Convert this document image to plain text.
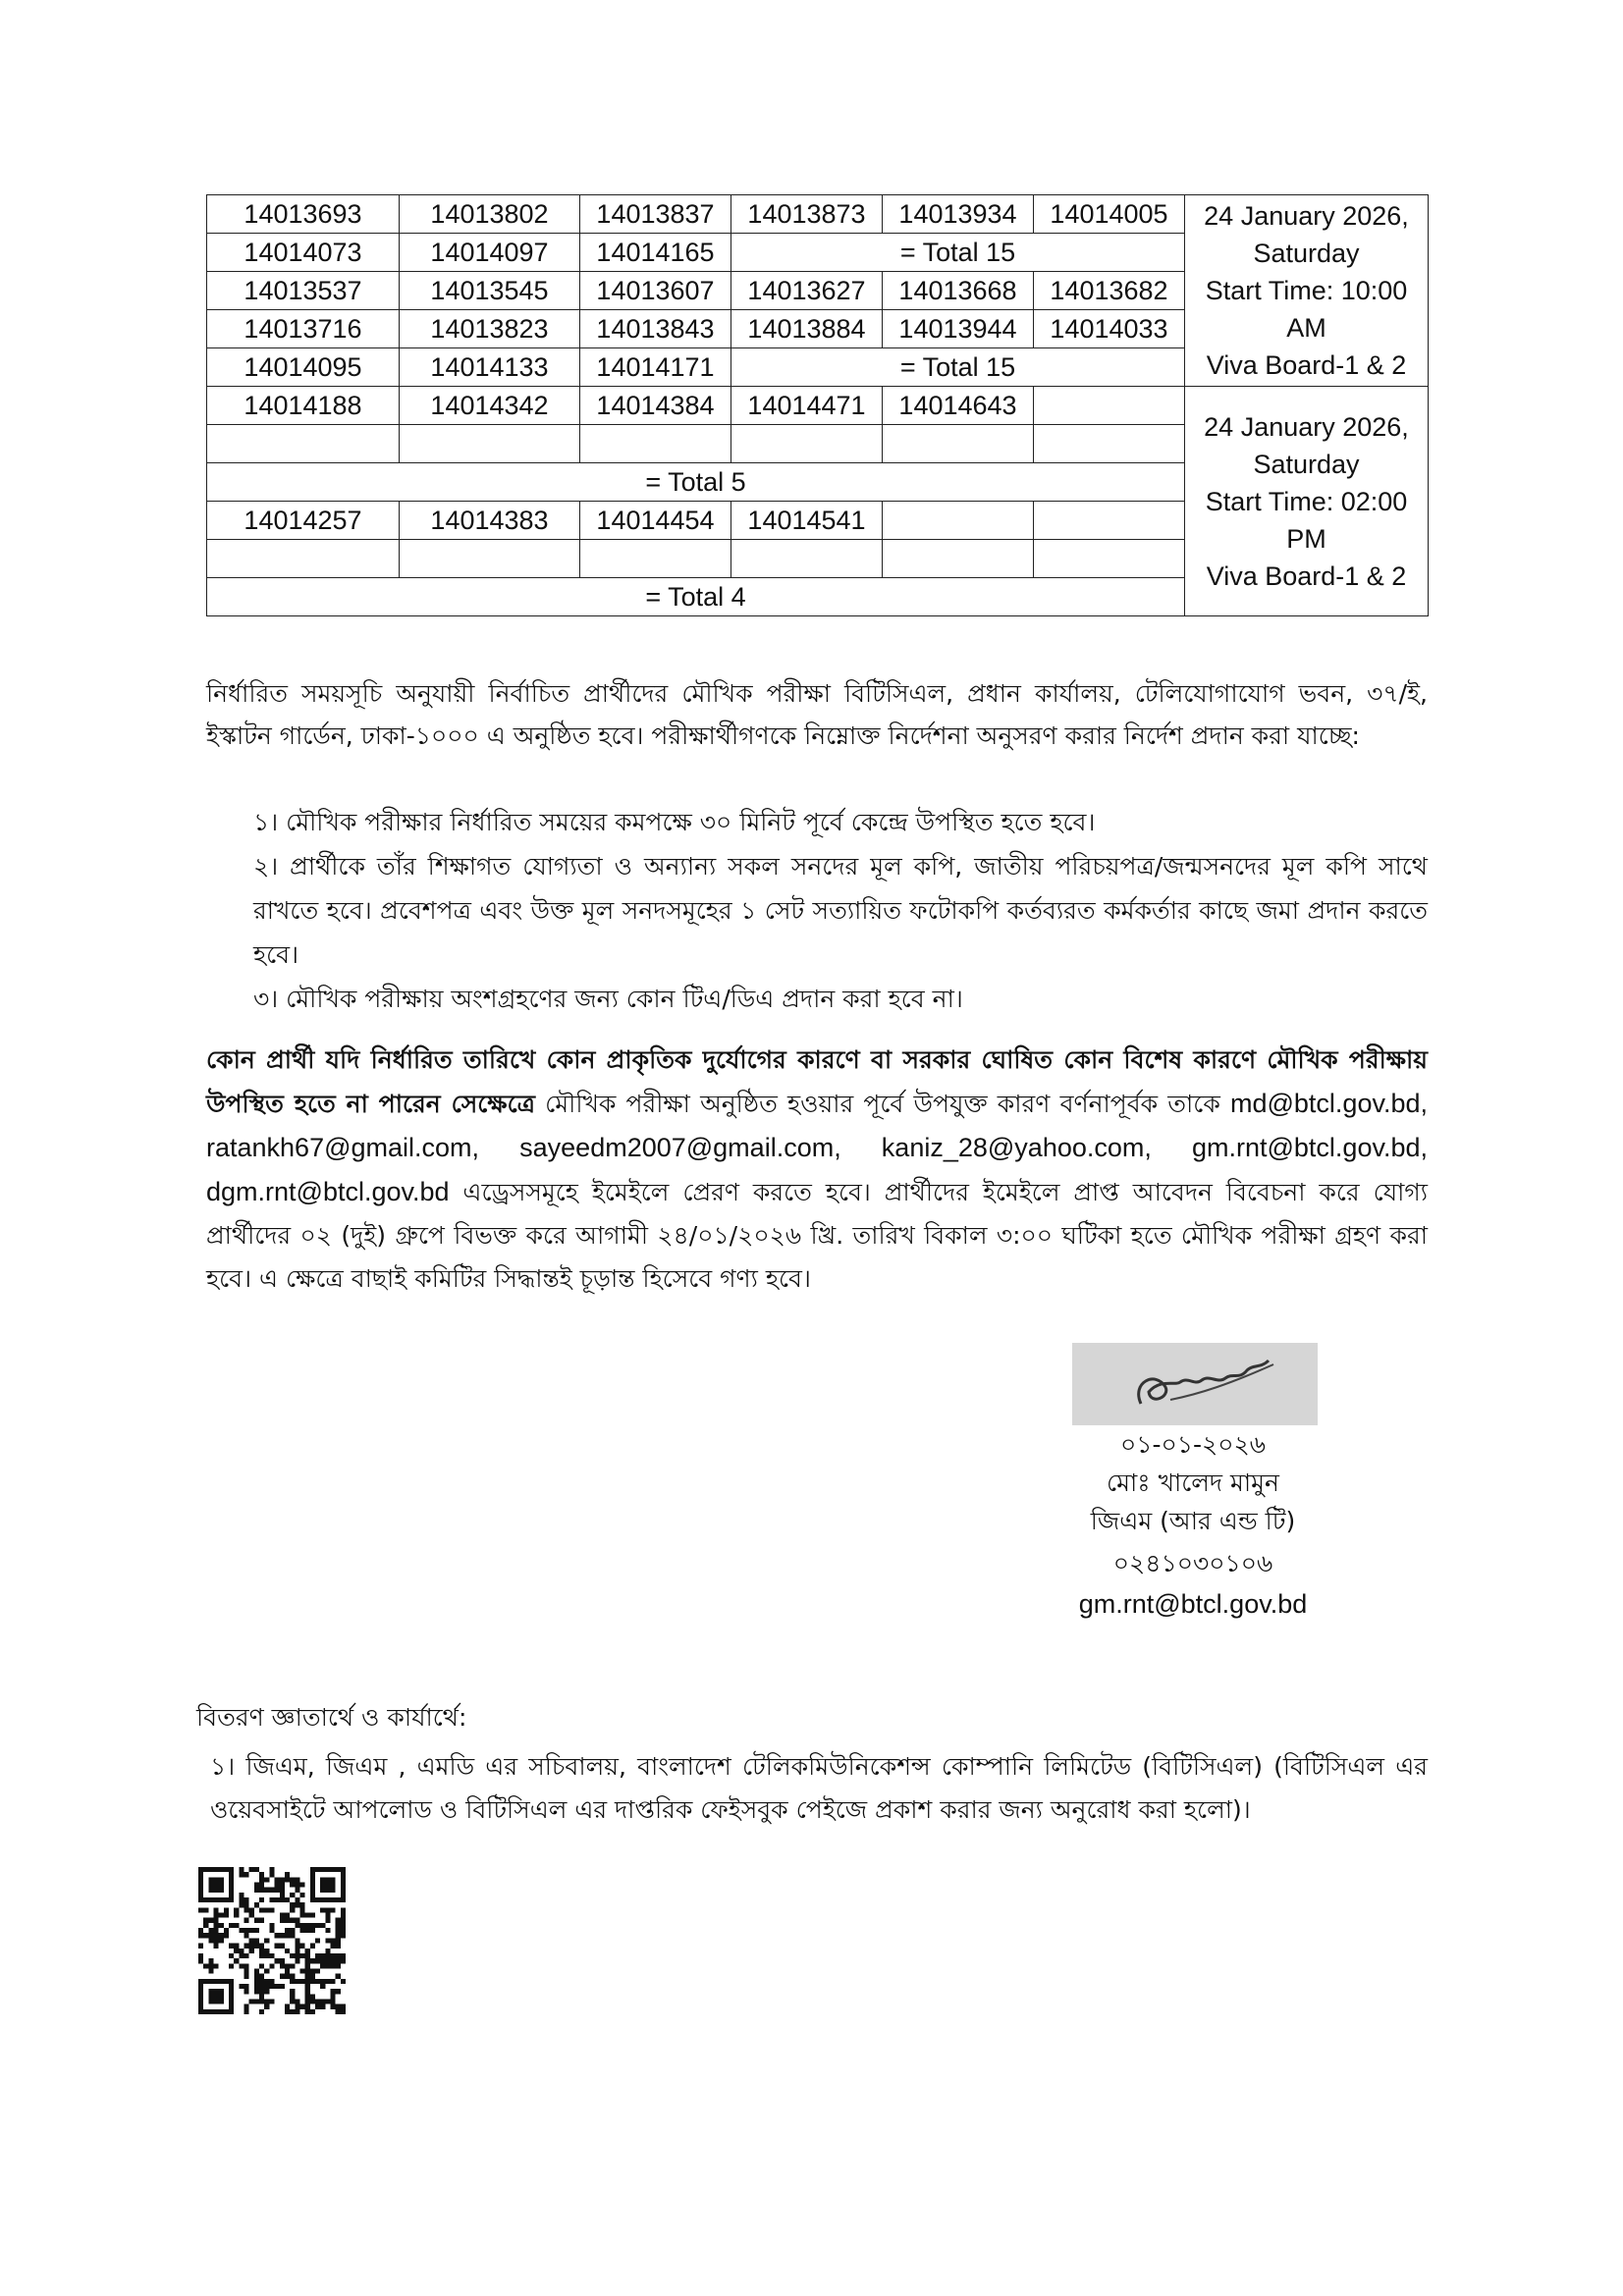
14013693	14013802	14013837	14013873	14013934	14014005	24 January 2026,
Saturday
Start Time: 10:00
AM
Viva Board-1 & 2

14014073	14014097	14014165	= Total 15			
14013537	14013545	14013607	14013627	14013668	14013682	
14013716	14013823	14013843	14013884	14013944	14014033	
14014095	14014133	14014171	= Total 15			
14014188	14014342	14014384	14014471	14014643		24 January 2026,
Saturday
Start Time: 02:00
PM
Viva Board-1 & 2

= Total 5						
14014257	14014383	14014454	14014541			

= Total 4						
নির্ধারিত সময়সূচি অনুযায়ী নির্বাচিত প্রার্থীদের মৌখিক পরীক্ষা বিটিসিএল, প্রধান কার্যালয়, টেলিযোগাযোগ ভবন, ৩৭/ই, ইস্কাটন গার্ডেন, ঢাকা-১০০০ এ অনুষ্ঠিত হবে। পরীক্ষার্থীগণকে নিম্নোক্ত নির্দেশনা অনুসরণ করার নির্দেশ প্রদান করা যাচ্ছে:

১। মৌখিক পরীক্ষার নির্ধারিত সময়ের কমপক্ষে ৩০ মিনিট পূর্বে কেন্দ্রে উপস্থিত হতে হবে।

২। প্রার্থীকে তাঁর শিক্ষাগত যোগ্যতা ও অন্যান্য সকল সনদের মূল কপি, জাতীয় পরিচয়পত্র/জন্মসনদের মূল কপি সাথে রাখতে হবে। প্রবেশপত্র এবং উক্ত মূল সনদসমূহের ১ সেট সত্যায়িত ফটোকপি কর্তব্যরত কর্মকর্তার কাছে জমা প্রদান করতে হবে।

৩। মৌখিক পরীক্ষায় অংশগ্রহণের জন্য কোন টিএ/ডিএ প্রদান করা হবে না।

কোন প্রার্থী যদি নির্ধারিত তারিখে কোন প্রাকৃতিক দুর্যোগের কারণে বা সরকার ঘোষিত কোন বিশেষ কারণে মৌখিক পরীক্ষায় উপস্থিত হতে না পারেন সেক্ষেত্রে মৌখিক পরীক্ষা অনুষ্ঠিত হওয়ার পূর্বে উপযুক্ত কারণ বর্ণনাপূর্বক তাকে md@btcl.gov.bd, ratankh67@gmail.com, sayeedm2007@gmail.com, kaniz_28@yahoo.com, gm.rnt@btcl.gov.bd, dgm.rnt@btcl.gov.bd এড্রেসসমূহে ইমেইলে প্রেরণ করতে হবে। প্রার্থীদের ইমেইলে প্রাপ্ত আবেদন বিবেচনা করে যোগ্য প্রার্থীদের ০২ (দুই) গ্রুপে বিভক্ত করে আগামী ২৪/০১/২০২৬ খ্রি. তারিখ বিকাল ৩:০০ ঘটিকা হতে মৌখিক পরীক্ষা গ্রহণ করা হবে। এ ক্ষেত্রে বাছাই কমিটির সিদ্ধান্তই চূড়ান্ত হিসেবে গণ্য হবে।
০১-০১-২০২৬
মোঃ খালেদ মামুন
জিএম (আর এন্ড টি)
০২৪১০৩০১০৬
gm.rnt@btcl.gov.bd
বিতরণ জ্ঞাতার্থে ও কার্যার্থে:
১। জিএম, জিএম , এমডি এর সচিবালয়, বাংলাদেশ টেলিকমিউনিকেশন্স কোম্পানি লিমিটেড (বিটিসিএল) (বিটিসিএল এর ওয়েবসাইটে আপলোড ও বিটিসিএল এর দাপ্তরিক ফেইসবুক পেইজে প্রকাশ করার জন্য অনুরোধ করা হলো)।
